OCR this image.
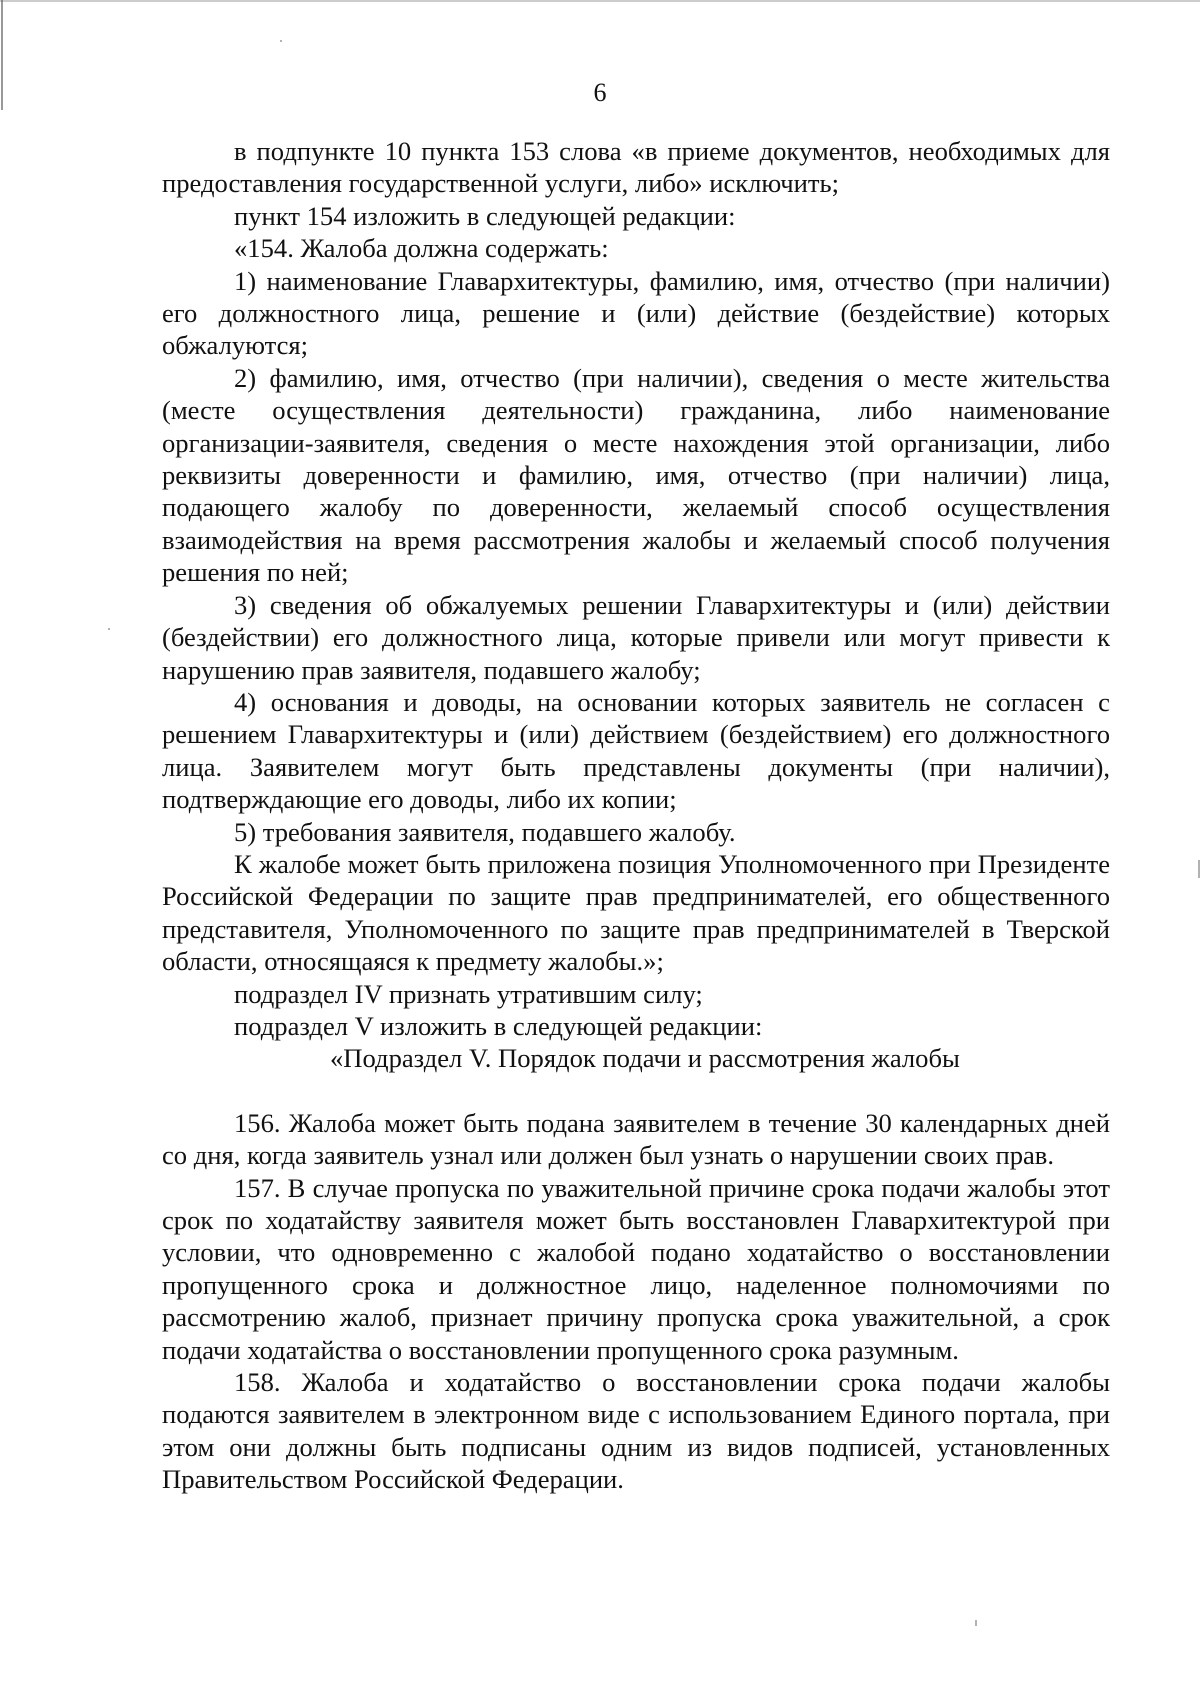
6

в подпункте 10 пункта 153 слова «в приеме документов, необходимых для предоставления государственной услуги, либо» исключить;

пункт 154 изложить в следующей редакции:

«154. Жалоба должна содержать:

1) наименование Главархитектуры, фамилию, имя, отчество (при наличии) его должностного лица, решение и (или) действие (бездействие) которых обжалуются;

2) фамилию, имя, отчество (при наличии), сведения о месте жительства (месте осуществления деятельности) гражданина, либо наименование организации-заявителя, сведения о месте нахождения этой организации, либо реквизиты доверенности и фамилию, имя, отчество (при наличии) лица, подающего жалобу по доверенности, желаемый способ осуществления взаимодействия на время рассмотрения жалобы и желаемый способ получения решения по ней;

3) сведения об обжалуемых решении Главархитектуры и (или) действии (бездействии) его должностного лица, которые привели или могут привести к нарушению прав заявителя, подавшего жалобу;

4) основания и доводы, на основании которых заявитель не согласен с решением Главархитектуры и (или) действием (бездействием) его должностного лица. Заявителем могут быть представлены документы (при наличии), подтверждающие его доводы, либо их копии;

5) требования заявителя, подавшего жалобу.

К жалобе может быть приложена позиция Уполномоченного при Президенте Российской Федерации по защите прав предпринимателей, его общественного представителя, Уполномоченного по защите прав предпринимателей в Тверской области, относящаяся к предмету жалобы.»;

подраздел IV признать утратившим силу;

подраздел V изложить в следующей редакции:

«Подраздел V. Порядок подачи и рассмотрения жалобы

156. Жалоба может быть подана заявителем в течение 30 календарных дней со дня, когда заявитель узнал или должен был узнать о нарушении своих прав.

157. В случае пропуска по уважительной причине срока подачи жалобы этот срок по ходатайству заявителя может быть восстановлен Главархитектурой при условии, что одновременно с жалобой подано ходатайство о восстановлении пропущенного срока и должностное лицо, наделенное полномочиями по рассмотрению жалоб, признает причину пропуска срока уважительной, а срок подачи ходатайства о восстановлении пропущенного срока разумным.

158. Жалоба и ходатайство о восстановлении срока подачи жалобы подаются заявителем в электронном виде с использованием Единого портала, при этом они должны быть подписаны одним из видов подписей, установленных Правительством Российской Федерации.
